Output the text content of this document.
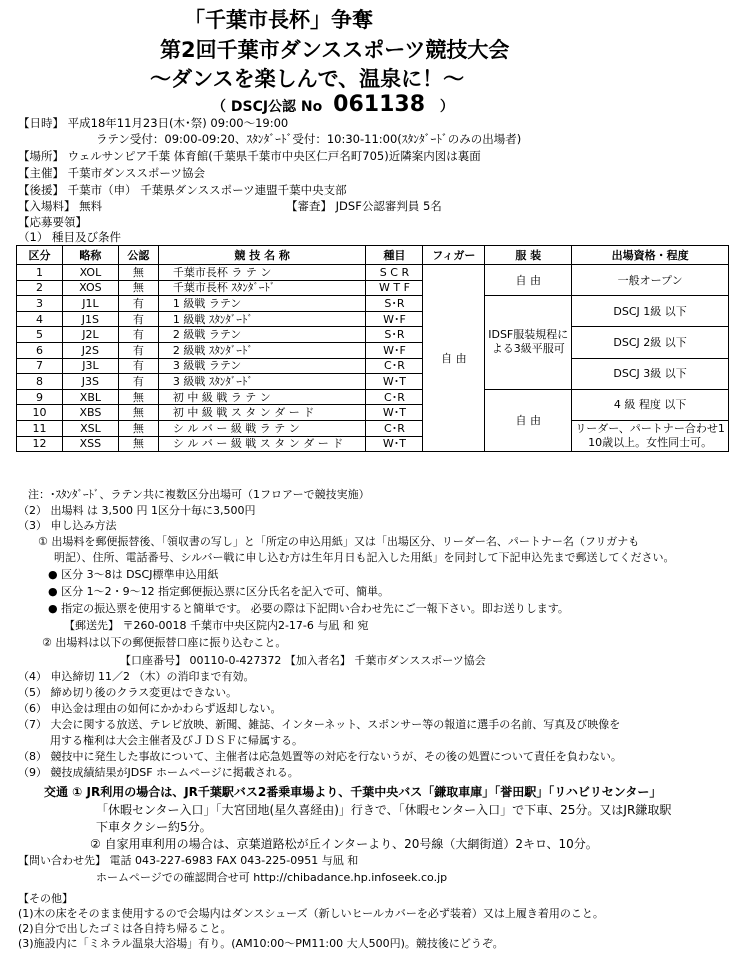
「千葉市長杯」争奪
第2回千葉市ダンススポーツ競技大会
～ダンスを楽しんで、温泉に！～
（ DSCJ公認 No 061138 ）
【日時】 平成18年11月23日(木･祭) 09:00～19:00
ラテン受付：09:00-09:20、ｽﾀﾝﾀﾞｰﾄﾞ受付：10:30-11:00(ｽﾀﾝﾀﾞｰﾄﾞのみの出場者)
【場所】 ウェルサンピア千葉 体育館(千葉県千葉市中央区仁戸名町705)近隣案内図は裏面
【主催】 千葉市ダンススポーツ協会
【後援】 千葉市（申） 千葉県ダンススポーツ連盟千葉中央支部
【入場料】 無料	【審査】 JDSF公認審判員 5名
【応募要領】
（1） 種目及び条件
区分	略称	公認	競 技 名 称	種目	フィガー	服 装	出場資格・程度
1	XOL	無	千葉市長杯 ラ テ ン	S C R	自 由	自 由	一般オープン
2	XOS	無	千葉市長杯 ｽﾀﾝﾀﾞｰﾄﾞ	W T F			
3	J1L	有	1 級戦 ラテン	S･R		IDSF服装規程による3級平服可	DSCJ 1級 以下
4	J1S	有	1 級戦 ｽﾀﾝﾀﾞｰﾄﾞ	W･F			
5	J2L	有	2 級戦 ラテン	S･R			DSCJ 2級 以下
6	J2S	有	2 級戦 ｽﾀﾝﾀﾞｰﾄﾞ	W･F			
7	J3L	有	3 級戦 ラテン	C･R			DSCJ 3級 以下
8	J3S	有	3 級戦 ｽﾀﾝﾀﾞｰﾄﾞ	W･T			
9	XBL	無	初 中 級 戦 ラ テ ン	C･R		自 由	4 級 程度 以下
10	XBS	無	初 中 級 戦 ス タ ン ダ ー ド	W･T			
11	XSL	無	シ ル バ ー 級 戦 ラ テ ン	C･R			リーダー、パートナー合わせ1
10歳以上。女性同士可。

12	XSS	無	シ ル バ ー 級 戦 ス タ ン ダ ー ド	W･T			
注：･ｽﾀﾝﾀﾞｰﾄﾞ、ラテン共に複数区分出場可（1フロアーで競技実施）
（2） 出場料 は 3,500 円 1区分十毎に3,500円
（3） 申し込み方法
① 出場料を郵便振替後、「領収書の写し」と「所定の申込用紙」又は「出場区分、リーダー名、パートナー名（フリガナも
明記）、住所、電話番号、シルバー戦に申し込む方は生年月日も記入した用紙」を同封して下記申込先まで郵送してください。
● 区分 3～8は DSCJ標準申込用紙
● 区分 1～2・9～12 指定郵便振込票に区分氏名を記入で可、簡単。
● 指定の振込票を使用すると簡単です。 必要の際は下記問い合わせ先にご一報下さい。即お送りします。
【郵送先】 〒260-0018 千葉市中央区院内2-17-6 与凪 和 宛
② 出場料は以下の郵便振替口座に振り込むこと。
【口座番号】 00110-0-427372 【加入者名】 千葉市ダンススポーツ協会
（4） 申込締切 11／2 （木）の消印まで有効。
（5） 締め切り後のクラス変更はできない。
（6） 申込金は理由の如何にかかわらず返却しない。
（7） 大会に関する放送、テレビ放映、新聞、雑誌、インターネット、スポンサー等の報道に選手の名前、写真及び映像を
用する権利は大会主催者及びＪＤＳＦに帰属する。
（8） 競技中に発生した事故について、主催者は応急処置等の対応を行ないうが、その後の処置について責任を負わない。
（9） 競技成績結果がJDSF ホームページに掲載される。
交通 ① JR利用の場合は、JR千葉駅バス2番乗車場より、千葉中央バス「鎌取車庫」「誉田駅」「リハビリセンター」
「休暇センター入口」「大宮団地(星久喜経由)」行きで、「休暇センター入口」で下車、25分。又はJR鎌取駅
下車タクシー約5分。
② 自家用車利用の場合は、京葉道路松が丘インターより、20号線（大網街道）2キロ、10分。
【問い合わせ先】 電話 043-227-6983 FAX 043-225-0951 与凪 和
ホームページでの確認問合せ可 http://chibadance.hp.infoseek.co.jp
【その他】
(1)木の床をそのまま使用するので会場内はダンスシューズ（新しいヒールカバーを必ず装着）又は上履き着用のこと。
(2)自分で出したゴミは各自持ち帰ること。
(3)施設内に「ミネラル温泉大浴場」有り。(AM10:00～PM11:00 大人500円)。競技後にどうぞ。
